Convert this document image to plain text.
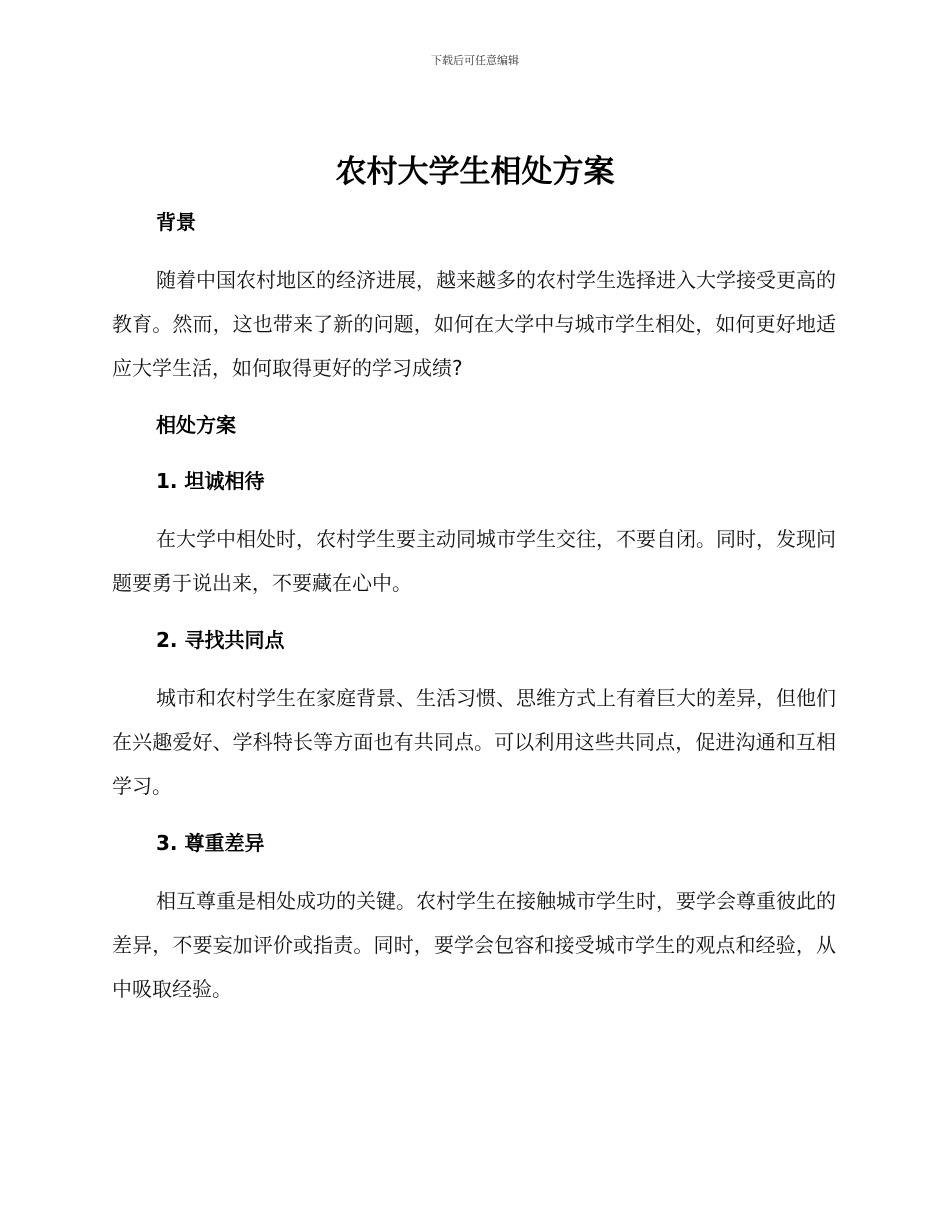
下载后可任意编辑
农村大学生相处方案
背景

随着中国农村地区的经济进展，越来越多的农村学生选择进入大学接受更高的教育。然而，这也带来了新的问题，如何在大学中与城市学生相处，如何更好地适应大学生活，如何取得更好的学习成绩?

相处方案
1. 坦诚相待

在大学中相处时，农村学生要主动同城市学生交往，不要自闭。同时，发现问题要勇于说出来，不要藏在心中。

2. 寻找共同点

城市和农村学生在家庭背景、生活习惯、思维方式上有着巨大的差异，但他们在兴趣爱好、学科特长等方面也有共同点。可以利用这些共同点，促进沟通和互相学习。

3. 尊重差异

相互尊重是相处成功的关键。农村学生在接触城市学生时，要学会尊重彼此的差异，不要妄加评价或指责。同时，要学会包容和接受城市学生的观点和经验，从中吸取经验。
